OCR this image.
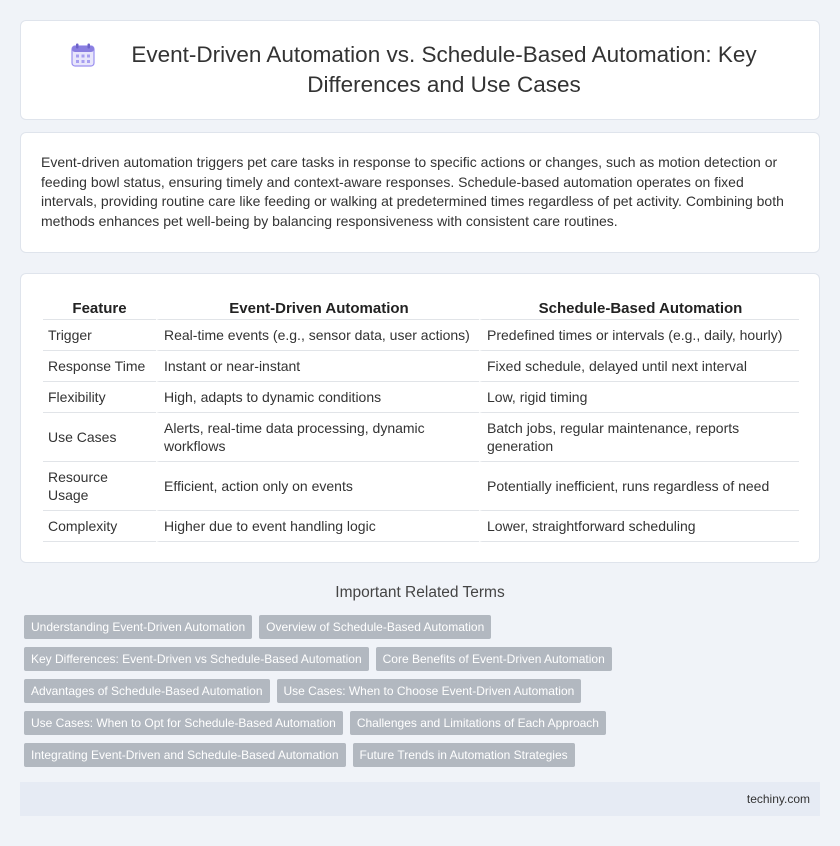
Event-Driven Automation vs. Schedule-Based Automation: Key Differences and Use Cases

Event-driven automation triggers pet care tasks in response to specific actions or changes, such as motion detection or feeding bowl status, ensuring timely and context-aware responses. Schedule-based automation operates on fixed intervals, providing routine care like feeding or walking at predetermined times regardless of pet activity. Combining both methods enhances pet well-being by balancing responsiveness with consistent care routines.

Feature	Event-Driven Automation	Schedule-Based Automation
Trigger	Real-time events (e.g., sensor data, user actions)	Predefined times or intervals (e.g., daily, hourly)
Response Time	Instant or near-instant	Fixed schedule, delayed until next interval
Flexibility	High, adapts to dynamic conditions	Low, rigid timing
Use Cases	Alerts, real-time data processing, dynamic workflows	Batch jobs, regular maintenance, reports generation
Resource Usage	Efficient, action only on events	Potentially inefficient, runs regardless of need
Complexity	Higher due to event handling logic	Lower, straightforward scheduling
Important Related Terms
Understanding Event-Driven Automation	Overview of Schedule-Based Automation
Key Differences: Event-Driven vs Schedule-Based Automation	Core Benefits of Event-Driven Automation
Advantages of Schedule-Based Automation	Use Cases: When to Choose Event-Driven Automation
Use Cases: When to Opt for Schedule-Based Automation	Challenges and Limitations of Each Approach
Integrating Event-Driven and Schedule-Based Automation	Future Trends in Automation Strategies
techiny.com
